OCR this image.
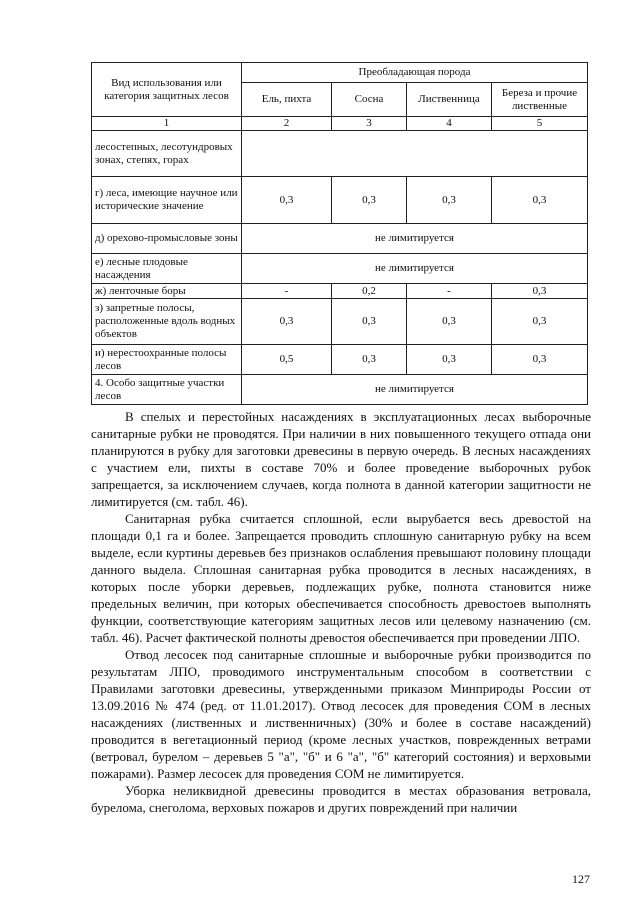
Вид использования или категория защитных лесов	Преобладающая порода			
	Ель, пихта	Сосна	Лиственница	Береза и прочие лиственные
1	2	3	4	5
лесостепных, лесотундровых зонах, степях, горах				
г) леса, имеющие научное или исторические значение	0,3	0,3	0,3	0,3
д) орехово-промысловые зоны	не лимитируется			
е) лесные плодовые насаждения	не лимитируется			
ж) ленточные боры	-	0,2	-	0,3
з) запретные полосы, расположенные вдоль водных объектов	0,3	0,3	0,3	0,3
и) нерестоохранные полосы лесов	0,5	0,3	0,3	0,3
4. Особо защитные участки лесов	не лимитируется			

В спелых и перестойных насаждениях в эксплуатационных лесах выборочные санитарные рубки не проводятся. При наличии в них повышенного текущего отпада они планируются в рубку для заготовки древесины в первую очередь. В лесных насаждениях с участием ели, пихты в составе 70% и более проведение выборочных рубок запрещается, за исключением случаев, когда полнота в данной категории защитности не лимитируется (см. табл. 46).

Санитарная рубка считается сплошной, если вырубается весь древостой на площади 0,1 га и более. Запрещается проводить сплошную санитарную рубку на всем выделе, если куртины деревьев без признаков ослабления превышают половину площади данного выдела. Сплошная санитарная рубка проводится в лесных насаждениях, в которых после уборки деревьев, подлежащих рубке, полнота становится ниже предельных величин, при которых обеспечивается способность древостоев выполнять функции, соответствующие категориям защитных лесов или целевому назначению (см. табл. 46). Расчет фактической полноты древостоя обеспечивается при проведении ЛПО.

Отвод лесосек под санитарные сплошные и выборочные рубки производится по результатам ЛПО, проводимого инструментальным способом в соответствии с Правилами заготовки древесины, утвержденными приказом Минприроды России от 13.09.2016 № 474 (ред. от 11.01.2017). Отвод лесосек для проведения СОМ в лесных насаждениях (лиственных и лиственничных) (30% и более в составе насаждений) проводится в вегетационный период (кроме лесных участков, поврежденных ветрами (ветровал, бурелом – деревьев 5 "а", "б" и 6 "а", "б" категорий состояния) и верховыми пожарами). Размер лесосек для проведения СОМ не лимитируется.

Уборка неликвидной древесины проводится в местах образования ветровала, бурелома, снеголома, верховых пожаров и других повреждений при наличии

127
